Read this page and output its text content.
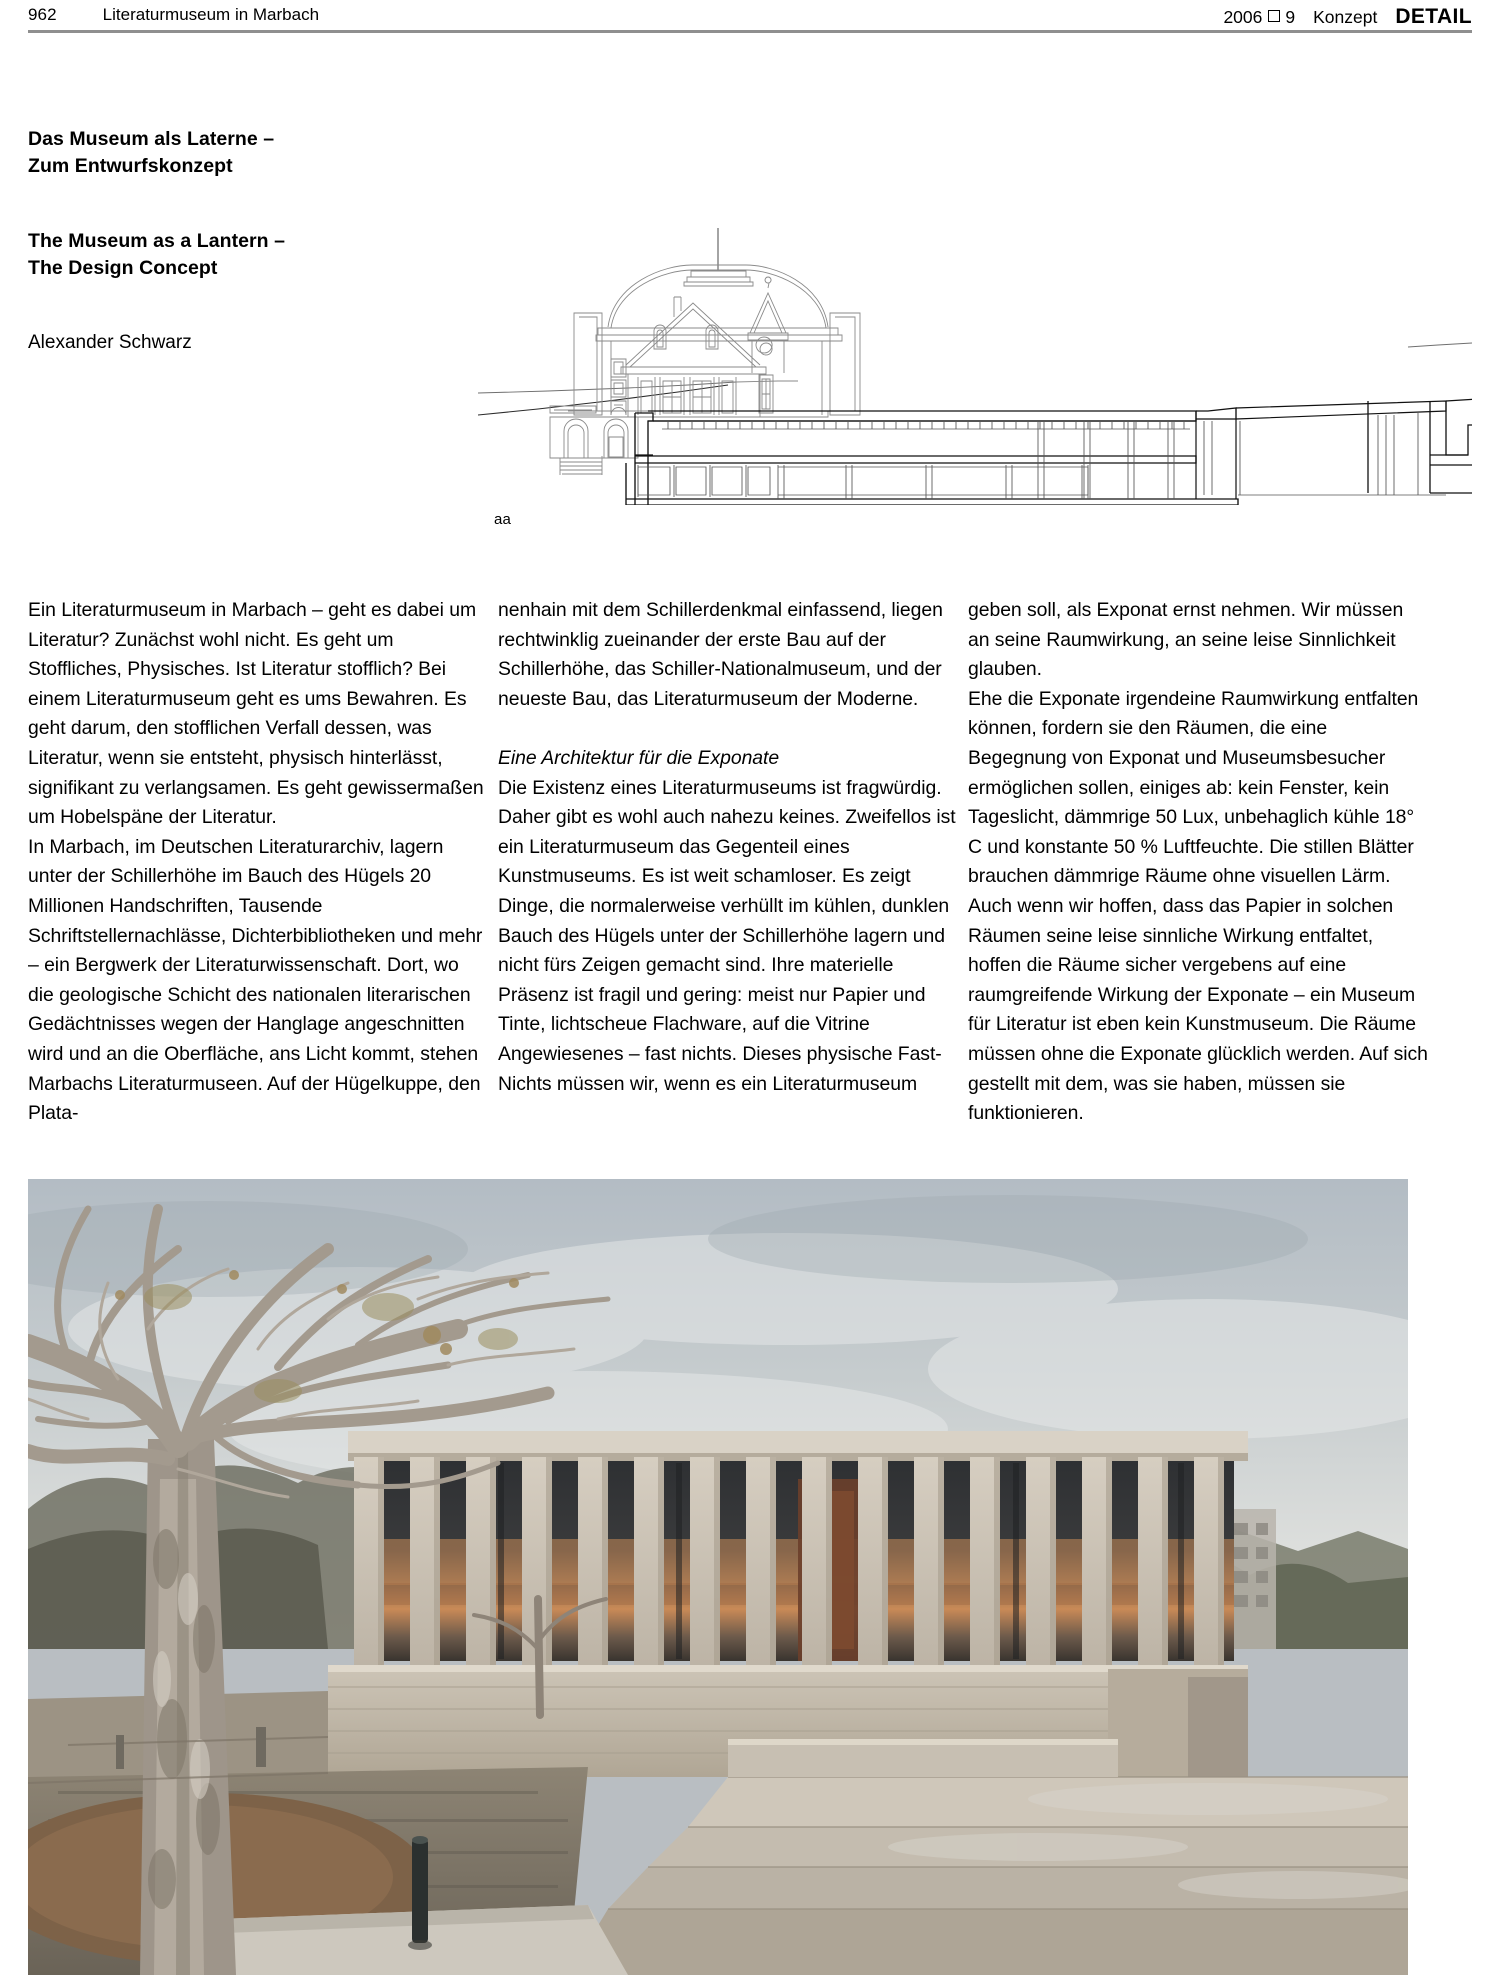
962	Literaturmuseum in Marbach	2006 9 Konzept DETAIL
Das Museum als Laterne –
Zum Entwurfskonzept
The Museum as a Lantern –
The Design Concept
Alexander Schwarz
aa

Ein Literaturmuseum in Marbach – geht es dabei um Literatur? Zunächst wohl nicht. Es geht um Stoffliches, Physisches. Ist Literatur stofflich? Bei einem Literaturmuseum geht es ums Bewahren. Es geht darum, den stofflichen Verfall dessen, was Literatur, wenn sie entsteht, physisch hinterlässt, signifikant zu verlangsamen. Es geht gewissermaßen um Hobelspäne der Literatur.

In Marbach, im Deutschen Literaturarchiv, lagern unter der Schillerhöhe im Bauch des Hügels 20 Millionen Handschriften, Tausende Schriftstellernachlässe, Dichterbibliotheken und mehr – ein Bergwerk der Literaturwissenschaft. Dort, wo die geologische Schicht des nationalen literarischen Gedächtnisses wegen der Hanglage angeschnitten wird und an die Oberfläche, ans Licht kommt, stehen Marbachs Literaturmuseen. Auf der Hügelkuppe, den Plata-

nenhain mit dem Schillerdenkmal einfassend, liegen rechtwinklig zueinander der erste Bau auf der Schillerhöhe, das Schiller-Nationalmuseum, und der neueste Bau, das Literaturmuseum der Moderne.

Eine Architektur für die Exponate

Die Existenz eines Literaturmuseums ist fragwürdig. Daher gibt es wohl auch nahezu keines. Zweifellos ist ein Literaturmuseum das Gegenteil eines Kunstmuseums. Es ist weit schamloser. Es zeigt Dinge, die normalerweise verhüllt im kühlen, dunklen Bauch des Hügels unter der Schillerhöhe lagern und nicht fürs Zeigen gemacht sind. Ihre materielle Präsenz ist fragil und gering: meist nur Papier und Tinte, lichtscheue Flachware, auf die Vitrine Angewiesenes – fast nichts. Dieses physische Fast-Nichts müssen wir, wenn es ein Literaturmuseum

geben soll, als Exponat ernst nehmen. Wir müssen an seine Raumwirkung, an seine leise Sinnlichkeit glauben.

Ehe die Exponate irgendeine Raumwirkung entfalten können, fordern sie den Räumen, die eine Begegnung von Exponat und Museumsbesucher ermöglichen sollen, einiges ab: kein Fenster, kein Tageslicht, dämmrige 50 Lux, unbehaglich kühle 18° C und konstante 50 % Luftfeuchte. Die stillen Blätter brauchen dämmrige Räume ohne visuellen Lärm. Auch wenn wir hoffen, dass das Papier in solchen Räumen seine leise sinnliche Wirkung entfaltet, hoffen die Räume sicher vergebens auf eine raumgreifende Wirkung der Exponate – ein Museum für Literatur ist eben kein Kunstmuseum. Die Räume müssen ohne die Exponate glücklich werden. Auf sich gestellt mit dem, was sie haben, müssen sie funktionieren.
